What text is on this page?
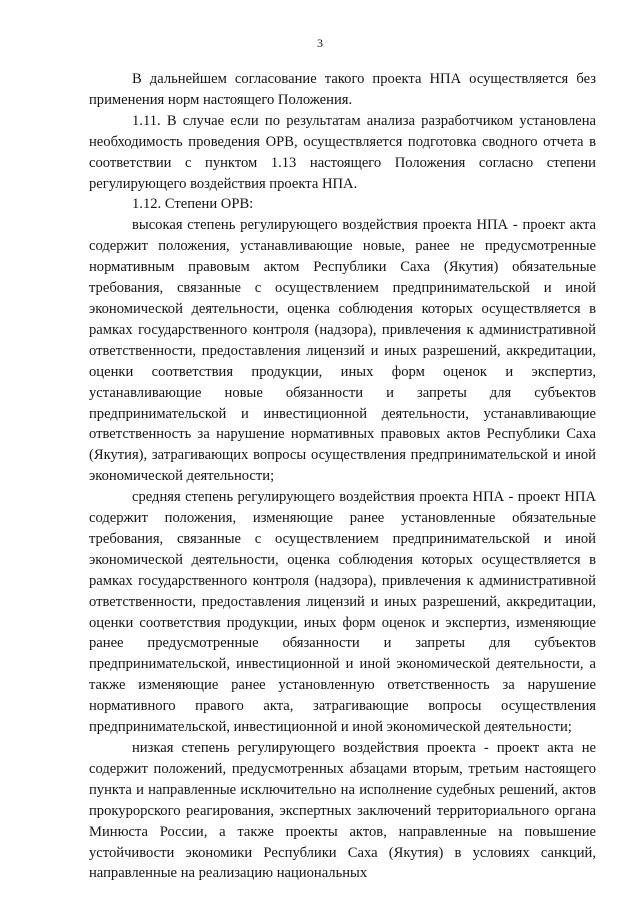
3

В дальнейшем согласование такого проекта НПА осуществляется без применения норм настоящего Положения.

1.11. В случае если по результатам анализа разработчиком установлена необходимость проведения ОРВ, осуществляется подготовка сводного отчета в соответствии с пунктом 1.13 настоящего Положения согласно степени регулирующего воздействия проекта НПА.

1.12. Степени ОРВ:

высокая степень регулирующего воздействия проекта НПА - проект акта содержит положения, устанавливающие новые, ранее не предусмотренные нормативным правовым актом Республики Саха (Якутия) обязательные требования, связанные с осуществлением предпринимательской и иной экономической деятельности, оценка соблюдения которых осуществляется в рамках государственного контроля (надзора), привлечения к административной ответственности, предоставления лицензий и иных разрешений, аккредитации, оценки соответствия продукции, иных форм оценок и экспертиз, устанавливающие новые обязанности и запреты для субъектов предпринимательской и инвестиционной деятельности, устанавливающие ответственность за нарушение нормативных правовых актов Республики Саха (Якутия), затрагивающих вопросы осуществления предпринимательской и иной экономической деятельности;

средняя степень регулирующего воздействия проекта НПА - проект НПА содержит положения, изменяющие ранее установленные обязательные требования, связанные с осуществлением предпринимательской и иной экономической деятельности, оценка соблюдения которых осуществляется в рамках государственного контроля (надзора), привлечения к административной ответственности, предоставления лицензий и иных разрешений, аккредитации, оценки соответствия продукции, иных форм оценок и экспертиз, изменяющие ранее предусмотренные обязанности и запреты для субъектов предпринимательской, инвестиционной и иной экономической деятельности, а также изменяющие ранее установленную ответственность за нарушение нормативного правого акта, затрагивающие вопросы осуществления предпринимательской, инвестиционной и иной экономической деятельности;

низкая степень регулирующего воздействия проекта - проект акта не содержит положений, предусмотренных абзацами вторым, третьим настоящего пункта и направленные исключительно на исполнение судебных решений, актов прокурорского реагирования, экспертных заключений территориального органа Минюста России, а также проекты актов, направленные на повышение устойчивости экономики Республики Саха (Якутия) в условиях санкций, направленные на реализацию национальных
